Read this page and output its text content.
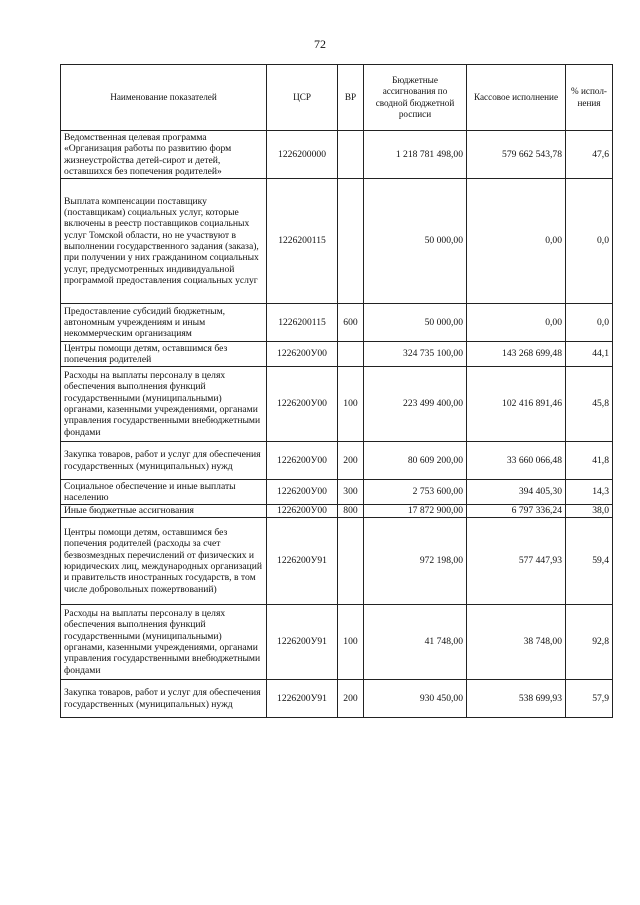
72
Наименование показателей	ЦСР	ВР	Бюджетные ассигнования по сводной бюджетной росписи	Кассовое исполнение	% испол-нения
Ведомственная целевая программа «Организация работы по развитию форм жизнеустройства детей-сирот и детей, оставшихся без попечения родителей»	1226200000		1 218 781 498,00	579 662 543,78	47,6
Выплата компенсации поставщику (поставщикам) социальных услуг, которые включены в реестр поставщиков социальных услуг Томской области, но не участвуют в выполнении государственного задания (заказа), при получении у них гражданином социальных услуг, предусмотренных индивидуальной программой предоставления социальных услуг	1226200115		50 000,00	0,00	0,0
Предоставление субсидий бюджетным, автономным учреждениям и иным некоммерческим организациям	1226200115	600	50 000,00	0,00	0,0
Центры помощи детям, оставшимся без попечения родителей	1226200У00		324 735 100,00	143 268 699,48	44,1
Расходы на выплаты персоналу в целях обеспечения выполнения функций государственными (муниципальными) органами, казенными учреждениями, органами управления государственными внебюджетными фондами	1226200У00	100	223 499 400,00	102 416 891,46	45,8
Закупка товаров, работ и услуг для обеспечения государственных (муниципальных) нужд	1226200У00	200	80 609 200,00	33 660 066,48	41,8
Социальное обеспечение и иные выплаты населению	1226200У00	300	2 753 600,00	394 405,30	14,3
Иные бюджетные ассигнования	1226200У00	800	17 872 900,00	6 797 336,24	38,0
Центры помощи детям, оставшимся без попечения родителей (расходы за счет безвозмездных перечислений от физических и юридических лиц, международных организаций и правительств иностранных государств, в том числе добровольных пожертвований)	1226200У91		972 198,00	577 447,93	59,4
Расходы на выплаты персоналу в целях обеспечения выполнения функций государственными (муниципальными) органами, казенными учреждениями, органами управления государственными внебюджетными фондами	1226200У91	100	41 748,00	38 748,00	92,8
Закупка товаров, работ и услуг для обеспечения государственных (муниципальных) нужд	1226200У91	200	930 450,00	538 699,93	57,9
